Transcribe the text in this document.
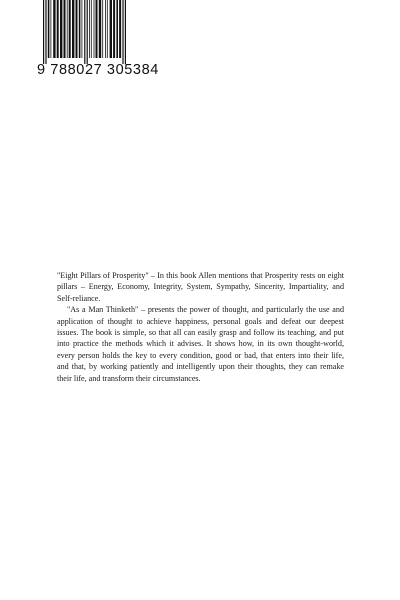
9 788027 305384

"Eight Pillars of Prosperity" – In this book Allen mentions that Prosperity rests on eight pillars – Energy, Economy, Integrity, System, Sympathy, Sincerity, Impartiality, and Self-reliance.

"As a Man Thinketh" – presents the power of thought, and particularly the use and application of thought to achieve happiness, personal goals and defeat our deepest issues. The book is simple, so that all can easily grasp and follow its teaching, and put into practice the methods which it advises. It shows how, in its own thought-world, every person holds the key to every condition, good or bad, that enters into their life, and that, by working patiently and intelligently upon their thoughts, they can remake their life, and transform their circumstances.
